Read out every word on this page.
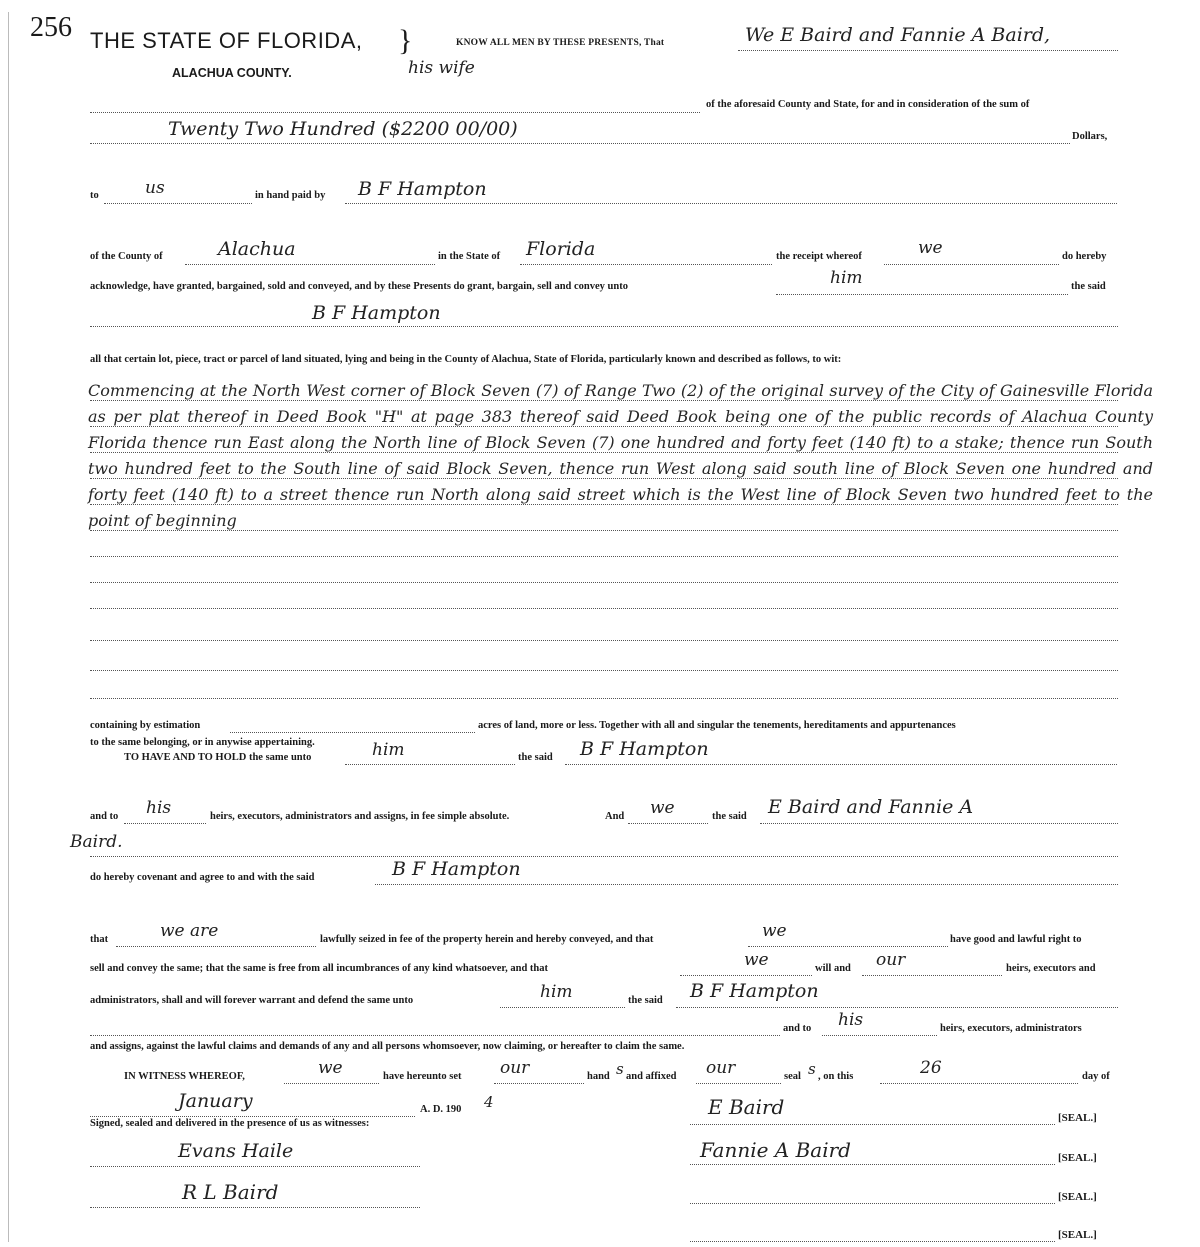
256 THE STATE OF FLORIDA, }
ALACHUA COUNTY.
KNOW ALL MEN BY THESE PRESENTS, That	We E Baird and Fannie A Baird,
his wife
of the aforesaid County and State, for and in consideration of the sum of
Twenty Two Hundred ($2200 00/00)	Dollars,
to	us	in hand paid by B F Hampton
of the County of	Alachua	in the State of Florida	the receipt whereof	we	do hereby
acknowledge, have granted, bargained, sold and conveyed, and by these Presents do grant, bargain, sell and convey unto	him	the said
B F Hampton
all that certain lot, piece, tract or parcel of land situated, lying and being in the County of Alachua, State of Florida, particularly known and described as follows, to wit:
Commencing at the North West corner of Block Seven (7) of Range Two (2) of the original survey of the City of Gainesville Florida as per plat thereof in Deed Book "H" at page 383 thereof said Deed Book being one of the public records of Alachua County Florida thence run East along the North line of Block Seven (7) one hundred and forty feet (140 ft) to a stake; thence run South two hundred feet to the South line of said Block Seven, thence run West along said south line of Block Seven one hundred and forty feet (140 ft) to a street thence run North along said street which is the West line of Block Seven two hundred feet to the point of beginning
containing by estimation	acres of land, more or less. Together with all and singular the tenements, hereditaments and appurtenances
to the same belonging, or in anywise appertaining.
TO HAVE AND TO HOLD the same unto	him	the said B F Hampton
and to his	heirs, executors, administrators and assigns, in fee simple absolute.	And we	the said E Baird and Fannie A
Baird.
do hereby covenant and agree to and with the said	B F Hampton
that	we are	lawfully seized in fee of the property herein and hereby conveyed, and that	we	have good and lawful right to
sell and convey the same; that the same is free from all incumbrances of any kind whatsoever, and that	we	will and our	heirs, executors and
administrators, shall and will forever warrant and defend the same unto	him	the said B F Hampton
and to his	heirs, executors, administrators
and assigns, against the lawful claims and demands of any and all persons whomsoever, now claiming, or hereafter to claim the same.
IN WITNESS WHEREOF,	we	have hereunto set our	hand s and affixed our	seal s , on this	26	day of
January	A. D. 190 4
Signed, sealed and delivered in the presence of us as witnesses:
E Baird	[SEAL.]
Evans Haile	Fannie A Baird	[SEAL.]
R L Baird	[SEAL.]
[SEAL.]
